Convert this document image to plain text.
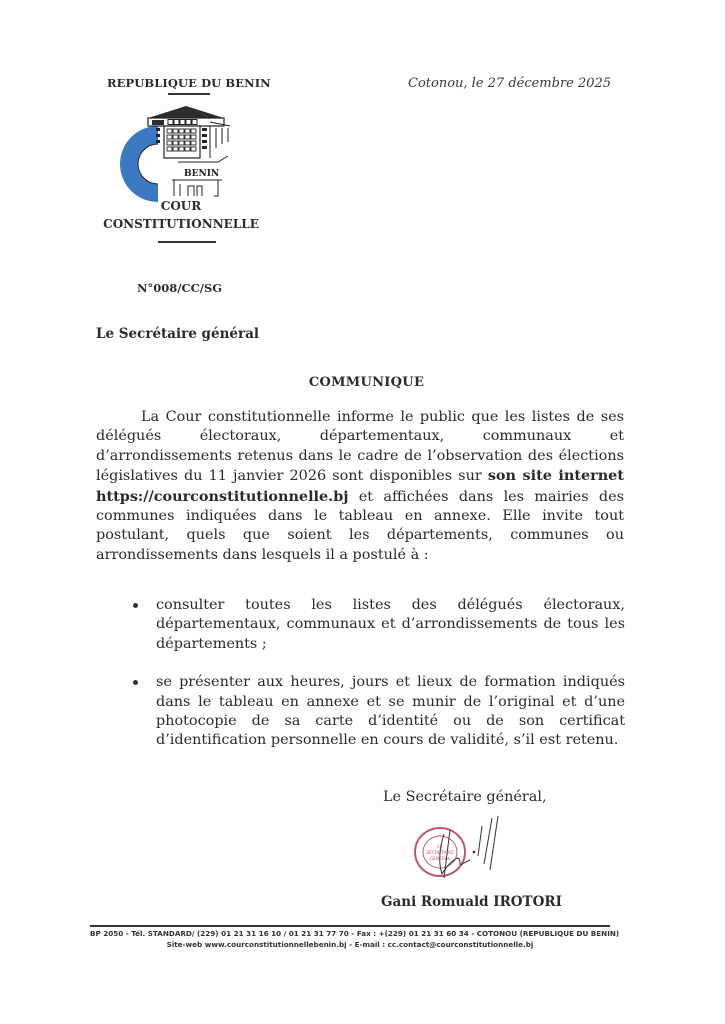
REPUBLIQUE DU BENIN	Cotonou, le 27 décembre 2025
BENIN
COUR
CONSTITUTIONNELLE
N°008/CC/SG
Le Secrétaire général
COMMUNIQUE

La Cour constitutionnelle informe le public que les listes de ses délégués électoraux, départementaux, communaux et d’arrondissements retenus dans le cadre de l’observation des élections législatives du 11 janvier 2026 sont disponibles sur son site internet https://courconstitutionnelle.bj et affichées dans les mairies des communes indiquées dans le tableau en annexe. Elle invite tout postulant, quels que soient les départements, communes ou arrondissements dans lesquels il a postulé à :

consulter toutes les listes des délégués électoraux, départementaux, communaux et d’arrondissements de tous les départements ;
se présenter aux heures, jours et lieux de formation indiqués dans le tableau en annexe et se munir de l’original et d’une photocopie de sa carte d’identité ou de son certificat d’identification personnelle en cours de validité, s’il est retenu.
Le Secrétaire général,
LE
SECRETAIRE
GENERAL
Gani Romuald IROTORI
BP 2050 - Tél. STANDARD/ (229) 01 21 31 16 10 / 01 21 31 77 70 - Fax : +(229) 01 21 31 60 34 - COTONOU (REPUBLIQUE DU BENIN)
Site-web www.courconstitutionnellebenin.bj - E-mail : cc.contact@courconstitutionnelle.bj
